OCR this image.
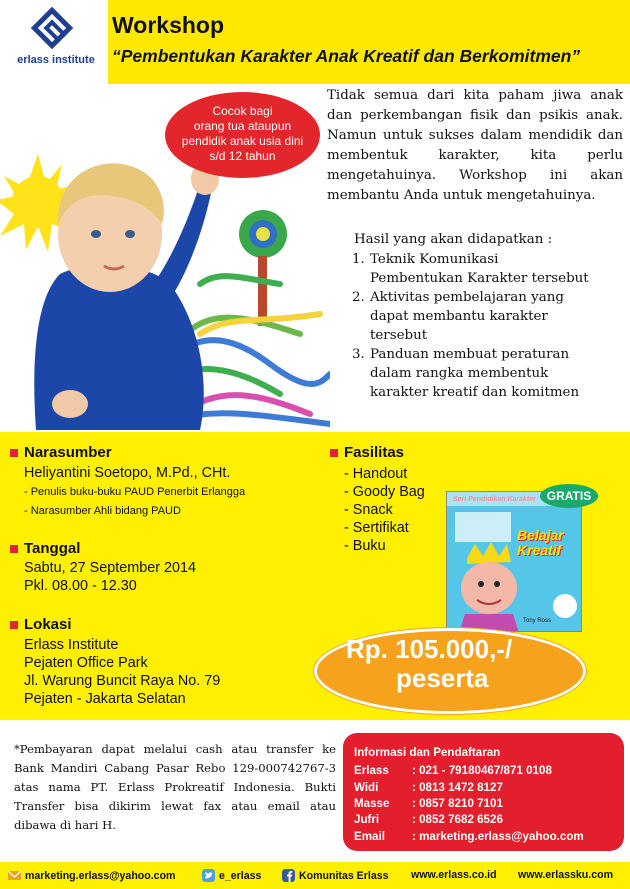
erlass institute
Workshop
“Pembentukan Karakter Anak Kreatif dan Berkomitmen”
Cocok bagi
orang tua ataupun
pendidik anak usia dini
s/d 12 tahun
Tidak semua dari kita paham jiwa anak dan perkembangan fisik dan psikis anak. Namun untuk sukses dalam mendidik dan membentuk karakter, kita perlu mengetahuinya. Workshop ini akan membantu Anda untuk mengetahuinya.
Hasil yang akan didapatkan :
1. Teknik Komunikasi
Pembentukan Karakter tersebut
2. Aktivitas pembelajaran yang
dapat membantu karakter
tersebut
3. Panduan membuat peraturan
dalam rangka membentuk
karakter kreatif dan komitmen
Narasumber
Heliyantini Soetopo, M.Pd., CHt.
- Penulis buku-buku PAUD Penerbit Erlangga
- Narasumber Ahli bidang PAUD
Tanggal
Sabtu, 27 September 2014
Pkl. 08.00 - 12.30
Lokasi
Erlass Institute
Pejaten Office Park
Jl. Warung Buncit Raya No. 79
Pejaten - Jakarta Selatan
Fasilitas
- Handout
- Goody Bag
- Snack
- Sertifikat
- Buku
Belajar
Kreatif
Tony Ross
GRATIS
Rp. 105.000,-/
peserta
*Pembayaran dapat melalui cash atau transfer ke Bank Mandiri Cabang Pasar Rebo 129-000742767-3 atas nama PT. Erlass Prokreatif Indonesia. Bukti Transfer bisa dikirim lewat fax atau email atau dibawa di hari H.
Informasi dan Pendaftaran
Erlass	: 021 - 79180467/871 0108
Widi	: 0813 1472 8127
Masse	: 0857 8210 7101
Jufri	: 0852 7682 6526
Email	: marketing.erlass@yahoo.com
marketing.erlass@yahoo.com	e_erlass	Komunitas Erlass www.erlass.co.id www.erlassku.com
